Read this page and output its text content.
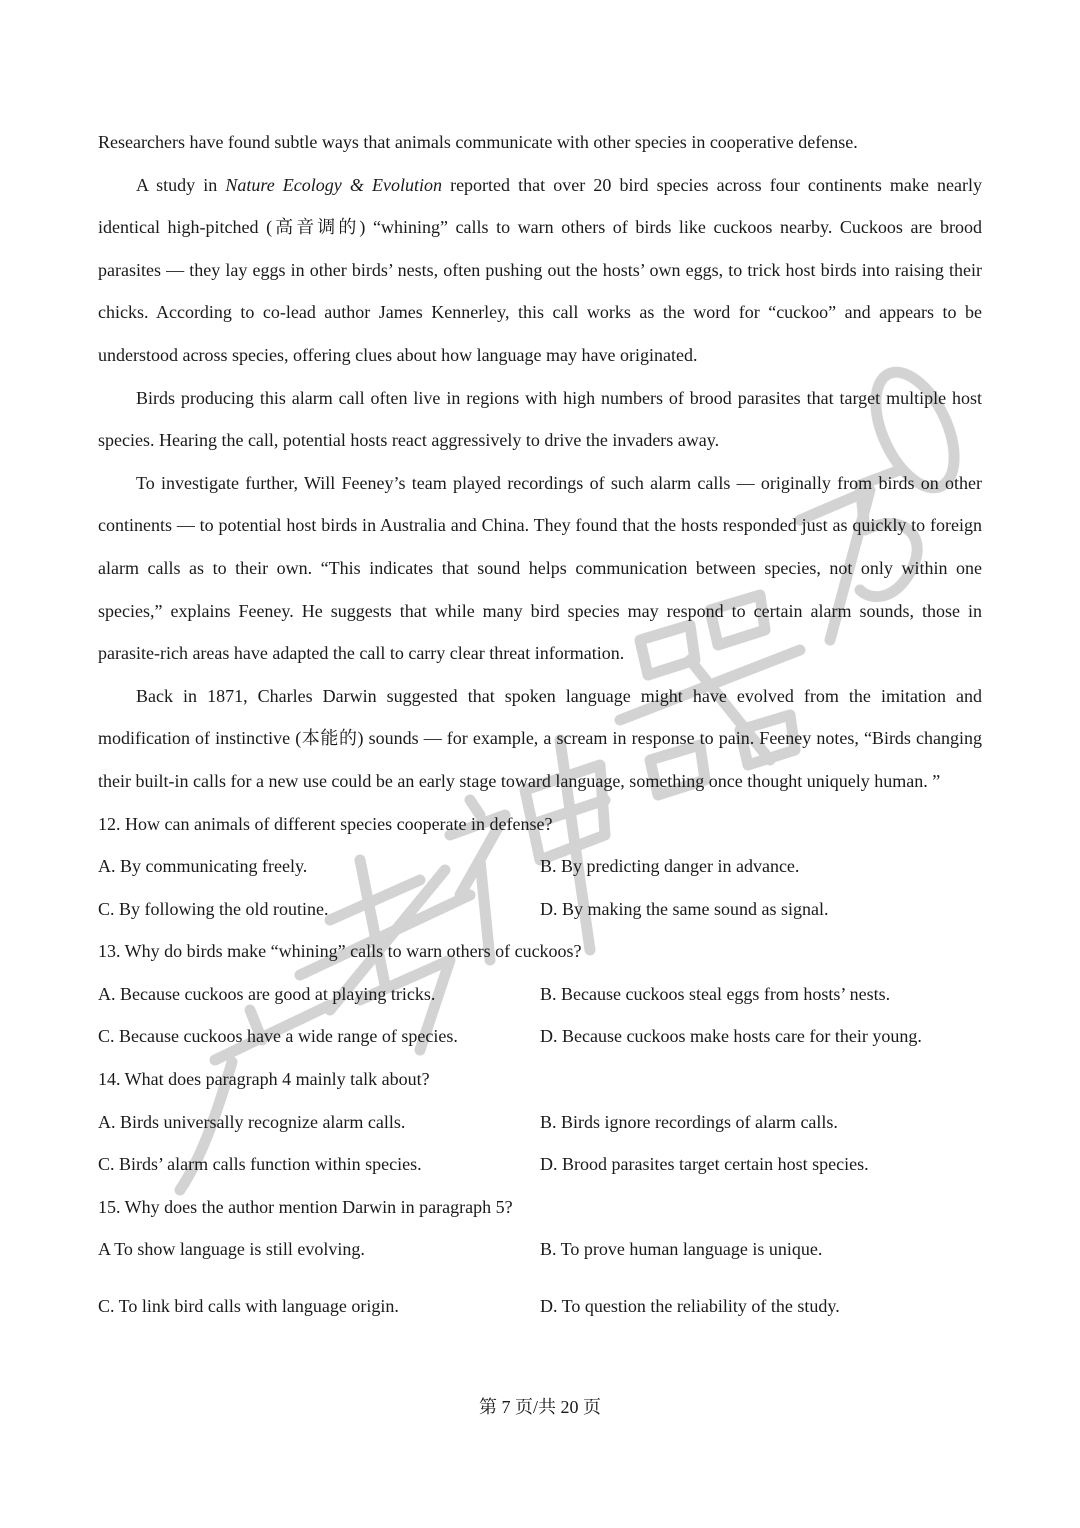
Researchers have found subtle ways that animals communicate with other species in cooperative defense.

A study in Nature Ecology & Evolution reported that over 20 bird species across four continents make nearly identical high-pitched (高音调的) “whining” calls to warn others of birds like cuckoos nearby. Cuckoos are brood parasites — they lay eggs in other birds’ nests, often pushing out the hosts’ own eggs, to trick host birds into raising their chicks. According to co-lead author James Kennerley, this call works as the word for “cuckoo” and appears to be understood across species, offering clues about how language may have originated.

Birds producing this alarm call often live in regions with high numbers of brood parasites that target multiple host species. Hearing the call, potential hosts react aggressively to drive the invaders away.

To investigate further, Will Feeney’s team played recordings of such alarm calls — originally from birds on other continents — to potential host birds in Australia and China. They found that the hosts responded just as quickly to foreign alarm calls as to their own. “This indicates that sound helps communication between species, not only within one species,” explains Feeney. He suggests that while many bird species may respond to certain alarm sounds, those in parasite-rich areas have adapted the call to carry clear threat information.

Back in 1871, Charles Darwin suggested that spoken language might have evolved from the imitation and modification of instinctive (本能的) sounds — for example, a scream in response to pain. Feeney notes, “Birds changing their built-in calls for a new use could be an early stage toward language, something once thought uniquely human. ”

12. How can animals of different species cooperate in defense?

A. By communicating freely.	B. By predicting danger in advance.
C. By following the old routine.	D. By making the same sound as signal.

13. Why do birds make “whining” calls to warn others of cuckoos?

A. Because cuckoos are good at playing tricks.	B. Because cuckoos steal eggs from hosts’ nests.
C. Because cuckoos have a wide range of species.	D. Because cuckoos make hosts care for their young.

14. What does paragraph 4 mainly talk about?

A. Birds universally recognize alarm calls.	B. Birds ignore recordings of alarm calls.
C. Birds’ alarm calls function within species.	D. Brood parasites target certain host species.

15. Why does the author mention Darwin in paragraph 5?

A To show language is still evolving.	B. To prove human language is unique.
C. To link bird calls with language origin.	D. To question the reliability of the study.
第 7 页/共 20 页
